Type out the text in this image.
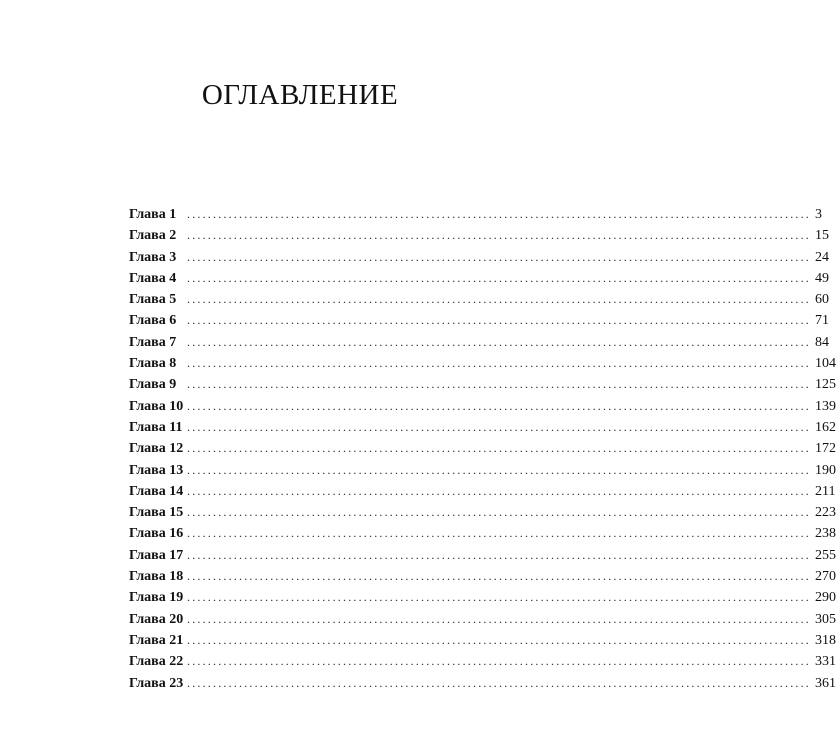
ОГЛАВЛЕНИЕ
Глава 1 ........................................................................................................................ 3
Глава 2 ........................................................................................................................ 15
Глава 3 ........................................................................................................................ 24
Глава 4 ........................................................................................................................ 49
Глава 5 ........................................................................................................................ 60
Глава 6 ........................................................................................................................ 71
Глава 7 ........................................................................................................................ 84
Глава 8 ........................................................................................................................ 104
Глава 9 ........................................................................................................................ 125
Глава 10 ........................................................................................................................ 139
Глава 11 ........................................................................................................................ 162
Глава 12 ........................................................................................................................ 172
Глава 13 ........................................................................................................................ 190
Глава 14 ........................................................................................................................ 211
Глава 15 ........................................................................................................................ 223
Глава 16 ........................................................................................................................ 238
Глава 17 ........................................................................................................................ 255
Глава 18 ........................................................................................................................ 270
Глава 19 ........................................................................................................................ 290
Глава 20 ........................................................................................................................ 305
Глава 21 ........................................................................................................................ 318
Глава 22 ........................................................................................................................ 331
Глава 23 ........................................................................................................................ 361
